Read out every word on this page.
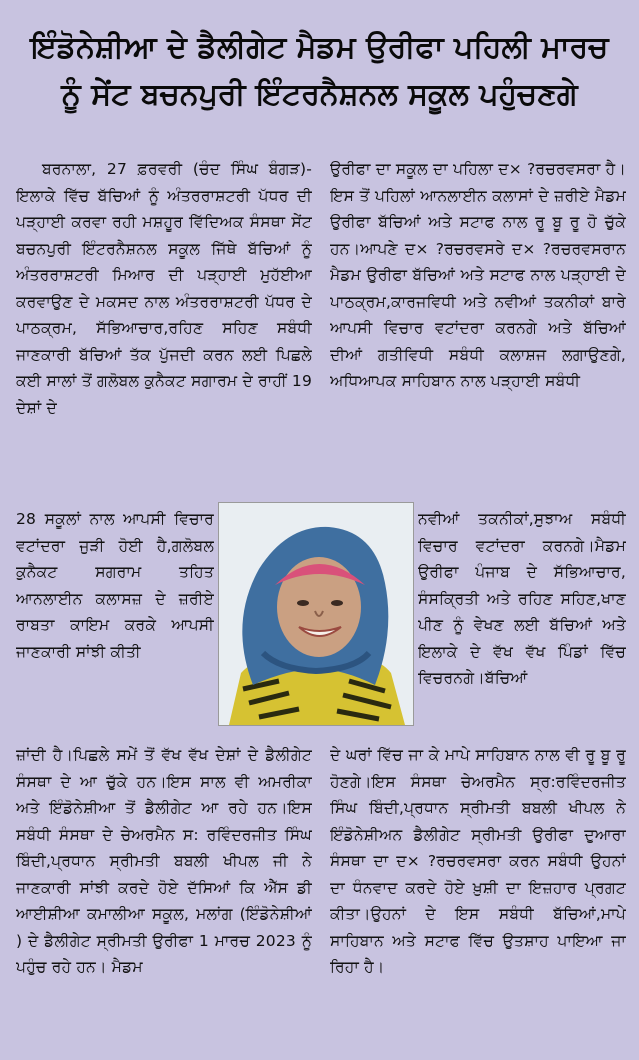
ਇੰਡੋਨੇਸ਼ੀਆ ਦੇ ਡੈਲੀਗੇਟ ਮੈਡਮ ਉਰੀਫਾ ਪਹਿਲੀ ਮਾਰਚ
ਨੂੰ ਸੇਂਟ ਬਚਨਪੁਰੀ ਇੰਟਰਨੈਸ਼ਨਲ ਸਕੂਲ ਪਹੁੰਚਣਗੇ

ਬਰਨਾਲਾ, 27 ਫ਼ਰਵਰੀ (ਚੰਦ ਸਿੰਘ ਬੰਗੜ)-ਇਲਾਕੇ ਵਿੱਚ ਬੱਚਿਆਂ ਨੂੰ ਅੰਤਰਰਾਸ਼ਟਰੀ ਪੱਧਰ ਦੀ ਪੜ੍ਹਾਈ ਕਰਵਾ ਰਹੀ ਮਸ਼ਹੂਰ ਵਿੱਦਿਅਕ ਸੰਸਥਾ ਸੇਂਟ ਬਚਨਪੁਰੀ ਇੰਟਰਨੈਸ਼ਨਲ ਸਕੂਲ ਜਿੱਥੇ ਬੱਚਿਆਂ ਨੂੰ ਅੰਤਰਰਾਸ਼ਟਰੀ ਮਿਆਰ ਦੀ ਪੜ੍ਹਾਈ ਮੁਹੱਈਆ ਕਰਵਾਉਣ ਦੇ ਮਕਸਦ ਨਾਲ ਅੰਤਰਰਾਸ਼ਟਰੀ ਪੱਧਰ ਦੇ ਪਾਠਕ੍ਰਮ, ਸੱਭਿਆਚਾਰ,ਰਹਿਣ ਸਹਿਣ ਸਬੰਧੀ ਜਾਣਕਾਰੀ ਬੱਚਿਆਂ ਤੱਕ ਪੁੱਜਦੀ ਕਰਨ ਲਈ ਪਿਛਲੇ ਕਈ ਸਾਲਾਂ ਤੋਂ ਗਲੋਬਲ ਕੁਨੈਕਟ ਸਗਾਰਮ ਦੇ ਰਾਹੀਂ 19 ਦੇਸ਼ਾਂ ਦੇ

28 ਸਕੂਲਾਂ ਨਾਲ ਆਪਸੀ ਵਿਚਾਰ ਵਟਾਂਦਰਾ ਜੁੜੀ ਹੋਈ ਹੈ,ਗਲੋਬਲ ਕੁਨੈਕਟ ਸਗਰਾਮ ਤਹਿਤ ਆਨਲਾਈਨ ਕਲਾਸਜ਼ ਦੇ ਜ਼ਰੀਏ ਰਾਬਤਾ ਕਾਇਮ ਕਰਕੇ ਆਪਸੀ ਜਾਣਕਾਰੀ ਸਾਂਝੀ ਕੀਤੀ

ਜ਼ਾਂਦੀ ਹੈ।ਪਿਛਲੇ ਸਮੇਂ ਤੋਂ ਵੱਖ ਵੱਖ ਦੇਸ਼ਾਂ ਦੇ ਡੈਲੀਗੇਟ ਸੰਸਥਾ ਦੇ ਆ ਚੁੱਕੇ ਹਨ।ਇਸ ਸਾਲ ਵੀ ਅਮਰੀਕਾ ਅਤੇ ਇੰਡੋਨੇਸ਼ੀਆ ਤੋਂ ਡੈਲੀਗੇਟ ਆ ਰਹੇ ਹਨ।ਇਸ ਸਬੰਧੀ ਸੰਸਥਾ ਦੇ ਚੇਅਰਮੈਨ ਸ: ਰਵਿੰਦਰਜੀਤ ਸਿੰਘ ਬਿੰਦੀ,ਪ੍ਰਧਾਨ ਸ੍ਰੀਮਤੀ ਬਬਲੀ ਖੀਪਲ ਜੀ ਨੇ ਜਾਣਕਾਰੀ ਸਾਂਝੀ ਕਰਦੇ ਹੋਏ ਦੱਸਿਆਂ ਕਿ ਐੱਸ ਡੀ ਆਈਸ਼ੀਆ ਕਮਾਲੀਆ ਸਕੂਲ, ਮਲਾਂਗ (ਇੰਡੋਨੇਸ਼ੀਆਂ ) ਦੇ ਡੈਲੀਗੇਟ ਸ੍ਰੀਮਤੀ ਉਰੀਫਾ 1 ਮਾਰਚ 2023 ਨੂੰ ਪਹੁੰਚ ਰਹੇ ਹਨ। ਮੈਡਮ

ਉਰੀਫਾ ਦਾ ਸਕੂਲ ਦਾ ਪਹਿਲਾ ਦ× ?ਰਚਰਵਸਰਾ ਹੈ।ਇਸ ਤੋਂ ਪਹਿਲਾਂ ਆਨਲਾਈਨ ਕਲਾਸਾਂ ਦੇ ਜ਼ਰੀਏ ਮੈਡਮ ਉਰੀਫਾ ਬੱਚਿਆਂ ਅਤੇ ਸਟਾਫ ਨਾਲ ਰੂ ਬੂ ਰੂ ਹੋ ਚੁੱਕੇ ਹਨ।ਆਪਣੇ ਦ× ?ਰਚਰਵਸਰੇ ਦ× ?ਰਚਰਵਸਰਾਨ ਮੈਡਮ ਉਰੀਫਾ ਬੱਚਿਆਂ ਅਤੇ ਸਟਾਫ ਨਾਲ ਪੜ੍ਹਾਈ ਦੇ ਪਾਠਕ੍ਰਮ,ਕਾਰਜਵਿਧੀ ਅਤੇ ਨਵੀਆਂ ਤਕਨੀਕਾਂ ਬਾਰੇ ਆਪਸੀ ਵਿਚਾਰ ਵਟਾਂਦਰਾ ਕਰਨਗੇ ਅਤੇ ਬੱਚਿਆਂ ਦੀਆਂ ਗਤੀਵਿਧੀ ਸਬੰਧੀ ਕਲਾਸ਼ਜ ਲਗਾਉਣਗੇ, ਅਧਿਆਪਕ ਸਾਹਿਬਾਨ ਨਾਲ ਪੜ੍ਹਾਈ ਸਬੰਧੀ

ਨਵੀਆਂ ਤਕਨੀਕਾਂ,ਸੁਝਾਅ ਸਬੰਧੀ ਵਿਚਾਰ ਵਟਾਂਦਰਾ ਕਰਨਗੇ।ਮੈਡਮ ਉਰੀਫਾ ਪੰਜਾਬ ਦੇ ਸੱਭਿਆਚਾਰ, ਸੰਸਕ੍ਰਿਤੀ ਅਤੇ ਰਹਿਣ ਸਹਿਣ,ਖਾਣ ਪੀਣ ਨੂੰ ਵੇਖਣ ਲਈ ਬੱਚਿਆਂ ਅਤੇ ਇਲਾਕੇ ਦੇ ਵੱਖ ਵੱਖ ਪਿੰਡਾਂ ਵਿੱਚ ਵਿਚਰਨਗੇ।ਬੱਚਿਆਂ

ਦੇ ਘਰਾਂ ਵਿੱਚ ਜਾ ਕੇ ਮਾਪੇ ਸਾਹਿਬਾਨ ਨਾਲ ਵੀ ਰੂ ਬੂ ਰੂ ਹੋਣਗੇ।ਇਸ ਸੰਸਥਾ ਚੇਅਰਮੈਨ ਸ੍ਰ:ਰਵਿੰਦਰਜੀਤ ਸਿੰਘ ਬਿੰਦੀ,ਪ੍ਰਧਾਨ ਸ੍ਰੀਮਤੀ ਬਬਲੀ ਖੀਪਲ ਨੇ ਇੰਡੋਨੇਸ਼ੀਅਨ ਡੈਲੀਗੇਟ ਸ੍ਰੀਮਤੀ ਉਰੀਫਾ ਦੁਆਰਾ ਸੰਸਥਾ ਦਾ ਦ× ?ਰਚਰਵਸਰਾ ਕਰਨ ਸਬੰਧੀ ਉਹਨਾਂ ਦਾ ਧੰਨਵਾਦ ਕਰਦੇ ਹੋਏ ਖ਼ੁਸ਼ੀ ਦਾ ਇਜ਼ਹਾਰ ਪ੍ਰਗਟ ਕੀਤਾ।ਉਹਨਾਂ ਦੇ ਇਸ ਸਬੰਧੀ ਬੱਚਿਆਂ,ਮਾਪੇ ਸਾਹਿਬਾਨ ਅਤੇ ਸਟਾਫ ਵਿੱਚ ਉਤਸ਼ਾਹ ਪਾਇਆ ਜਾ ਰਿਹਾ ਹੈ।
